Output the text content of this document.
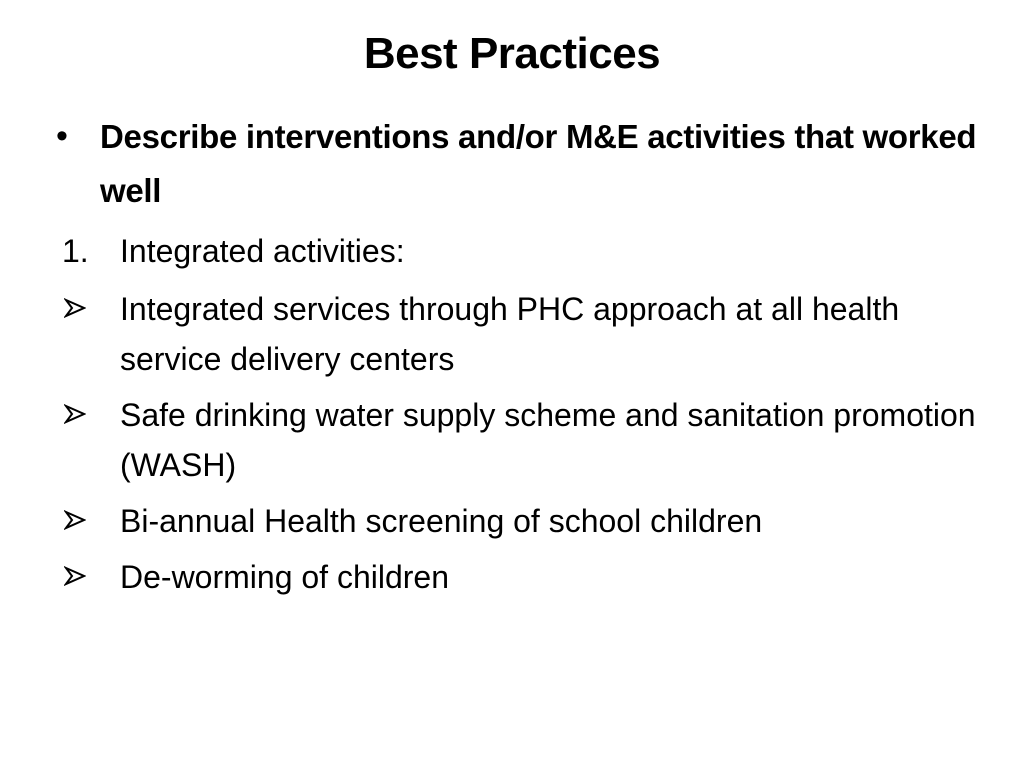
Best Practices
• Describe interventions and/or M&E activities that worked well
1. Integrated activities:
Integrated services through PHC approach at all health service delivery centers
Safe drinking water supply scheme and sanitation promotion (WASH)
Bi-annual Health screening of school children
De-worming of children
